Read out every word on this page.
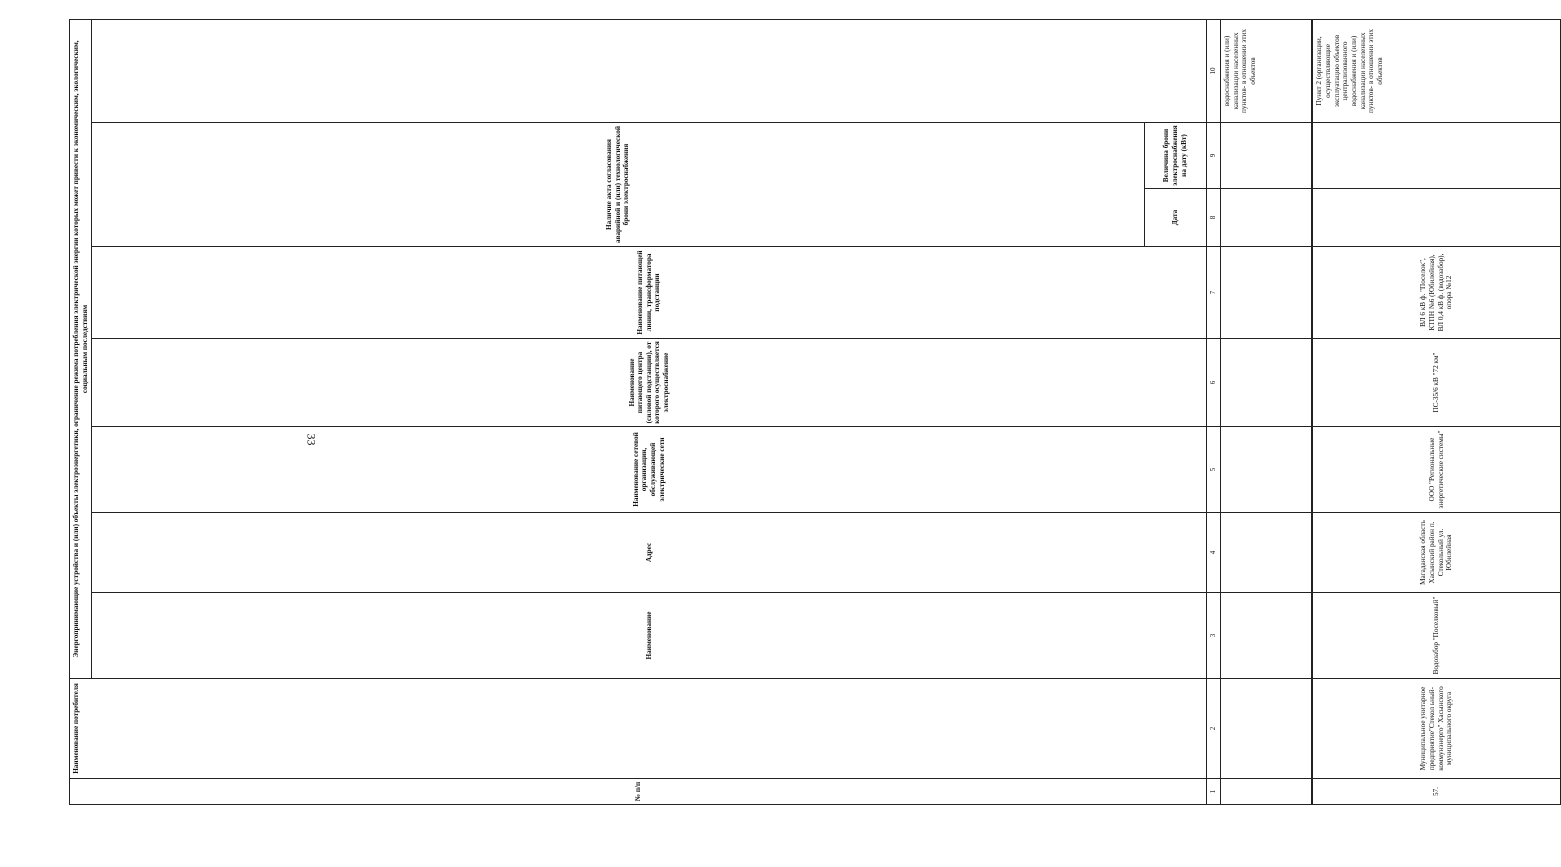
33
№ п/п	Наименование потребителя	Энергопринимающие устройства и (или) объекты электроэнергетики, ограничение режима потребления электрической энергии которых может привести к экономическим, экологическим, социальным последствиям	
		Наименование	Адрес	Наименование сетевой организации, обслуживающей электрические сети	Наименование питающего центра (силовой подстанции), от которого осуществляется электроснабжение	Наименование питающей линии, трансформатора подстанции	Наличие акта согласования аварийной и (или) технологической брони электроснабжения			
							Дата	Величина брони электроснабжения на дату (кВт)		
1	2	3	4	5	6	7	8	9	10	
									водоснабжения и (или) канализации населенных пунктов- в отношении этих объектов	
57.	Муниципальное унитарное предприятие"Стекол ьный-коммунэнерго" Хасынского муниципального округа	Водозабор "Поселковый"	Магаданская область Хасынский район п. Стекольный ул. Юбилейная	ООО "Региональные энергетические системы"	ПС-35/6 кВ "72 км"	ВЛ 6 кВ ф. "Поселок", КТПН №6 (Юбилейная), ВЛ 0,4 кВ ф. (водозабор), опора №12			Пункт 2 (организации, осуществляющие эксплуатацию объектов централизованного водоснабжения и (или) канализации населенных пунктов- в отношении этих объектов	
